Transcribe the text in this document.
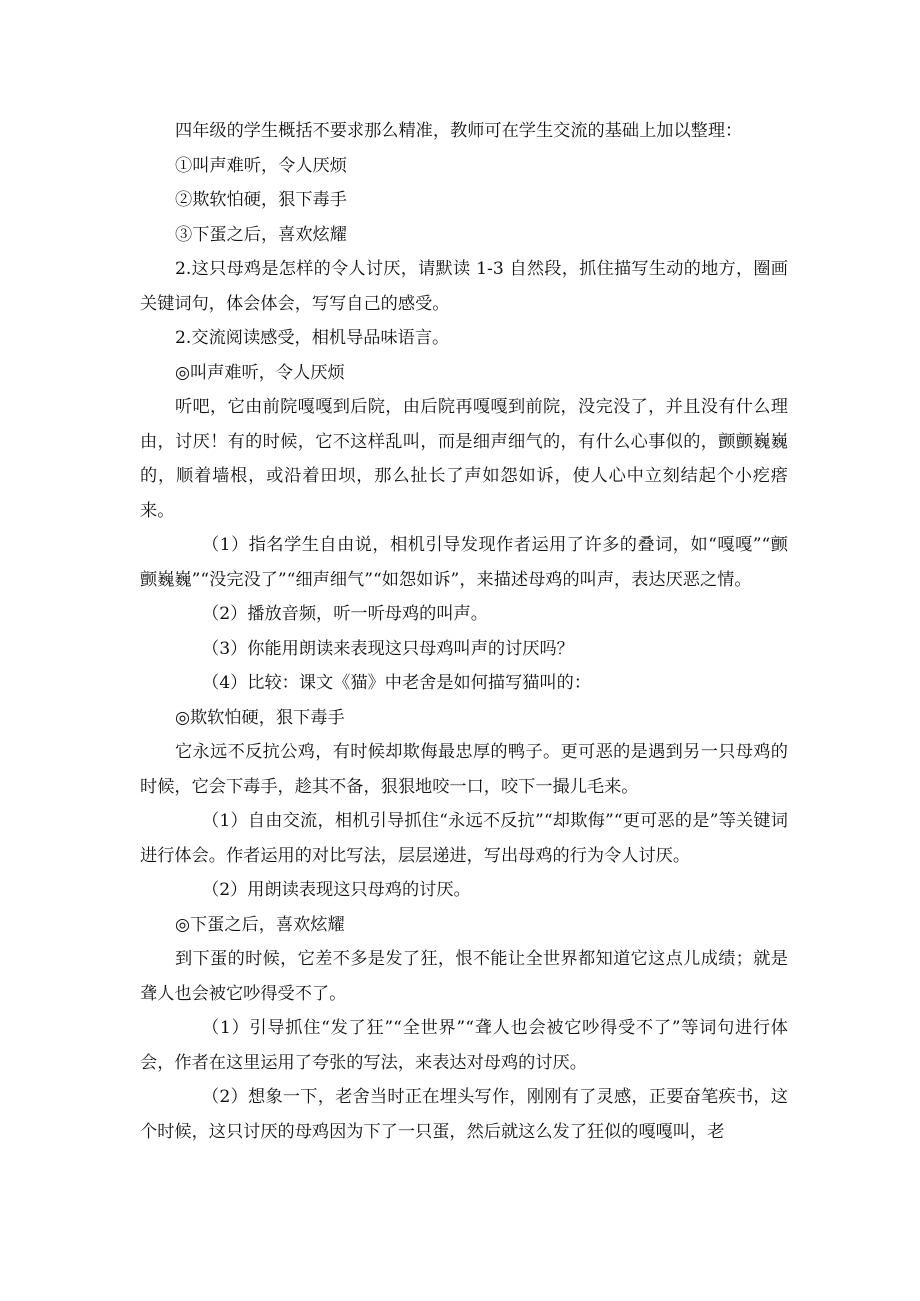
四年级的学生概括不要求那么精准，教师可在学生交流的基础上加以整理：

①叫声难听，令人厌烦

②欺软怕硬，狠下毒手

③下蛋之后，喜欢炫耀

2.这只母鸡是怎样的令人讨厌，请默读 1-3 自然段，抓住描写生动的地方，圈画关键词句，体会体会，写写自己的感受。

2.交流阅读感受，相机导品味语言。

◎叫声难听，令人厌烦

听吧，它由前院嘎嘎到后院，由后院再嘎嘎到前院，没完没了，并且没有什么理由，讨厌！有的时候，它不这样乱叫，而是细声细气的，有什么心事似的，颤颤巍巍的，顺着墙根，或沿着田坝，那么扯长了声如怨如诉，使人心中立刻结起个小疙瘩来。

（1）指名学生自由说，相机引导发现作者运用了许多的叠词，如“嘎嘎”“颤颤巍巍”“没完没了”“细声细气”“如怨如诉”，来描述母鸡的叫声，表达厌恶之情。

（2）播放音频，听一听母鸡的叫声。

（3）你能用朗读来表现这只母鸡叫声的讨厌吗？

（4）比较：课文《猫》中老舍是如何描写猫叫的：

◎欺软怕硬，狠下毒手

它永远不反抗公鸡，有时候却欺侮最忠厚的鸭子。更可恶的是遇到另一只母鸡的时候，它会下毒手，趁其不备，狠狠地咬一口，咬下一撮儿毛来。

（1）自由交流，相机引导抓住“永远不反抗”“却欺侮”“更可恶的是”等关键词进行体会。作者运用的对比写法，层层递进，写出母鸡的行为令人讨厌。

（2）用朗读表现这只母鸡的讨厌。

◎下蛋之后，喜欢炫耀

到下蛋的时候，它差不多是发了狂，恨不能让全世界都知道它这点儿成绩；就是聋人也会被它吵得受不了。

（1）引导抓住“发了狂”“全世界”“聋人也会被它吵得受不了”等词句进行体会，作者在这里运用了夸张的写法，来表达对母鸡的讨厌。

（2）想象一下，老舍当时正在埋头写作，刚刚有了灵感，正要奋笔疾书，这个时候，这只讨厌的母鸡因为下了一只蛋，然后就这么发了狂似的嘎嘎叫，老
